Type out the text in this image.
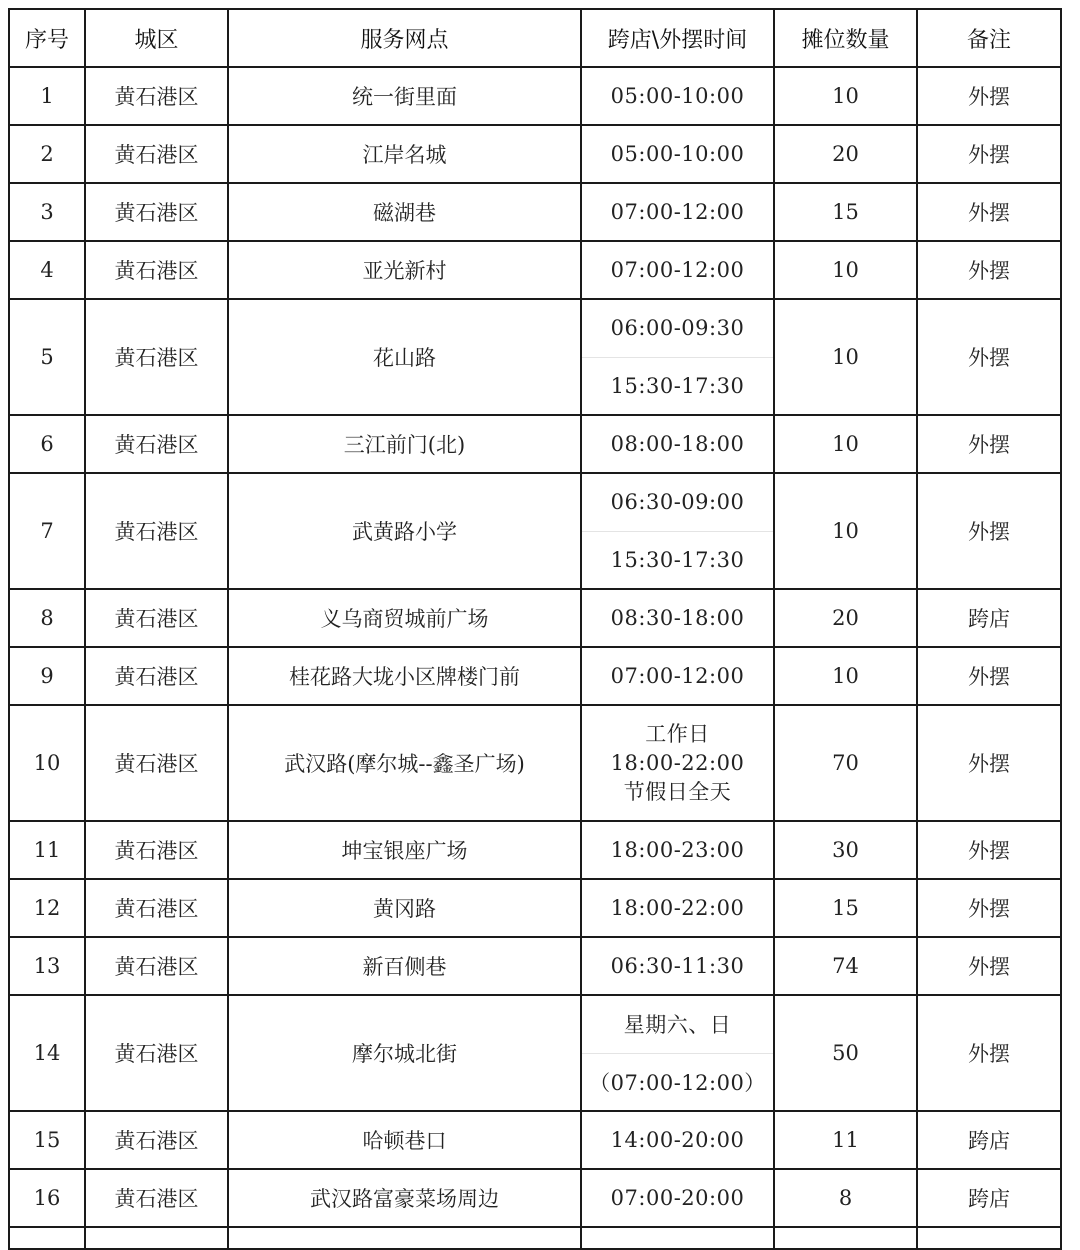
序号	城区	服务网点	跨店\外摆时间	摊位数量	备注
1	黄石港区	统一街里面	05:00-10:00	10	外摆
2	黄石港区	江岸名城	05:00-10:00	20	外摆
3	黄石港区	磁湖巷	07:00-12:00	15	外摆
4	黄石港区	亚光新村	07:00-12:00	10	外摆
5	黄石港区	花山路	06:00-09:30
15:30-17:30	10	外摆
6	黄石港区	三江前门(北)	08:00-18:00	10	外摆
7	黄石港区	武黄路小学	06:30-09:00
15:30-17:30	10	外摆
8	黄石港区	义乌商贸城前广场	08:30-18:00	20	跨店
9	黄石港区	桂花路大垅小区牌楼门前	07:00-12:00	10	外摆
10	黄石港区	武汉路(摩尔城--鑫圣广场)	工作日
18:00-22:00
节假日全天	70	外摆
11	黄石港区	坤宝银座广场	18:00-23:00	30	外摆
12	黄石港区	黄冈路	18:00-22:00	15	外摆
13	黄石港区	新百侧巷	06:30-11:30	74	外摆
14	黄石港区	摩尔城北街	星期六、日
（07:00-12:00）	50	外摆
15	黄石港区	哈顿巷口	14:00-20:00	11	跨店
16	黄石港区	武汉路富豪菜场周边	07:00-20:00	8	跨店
